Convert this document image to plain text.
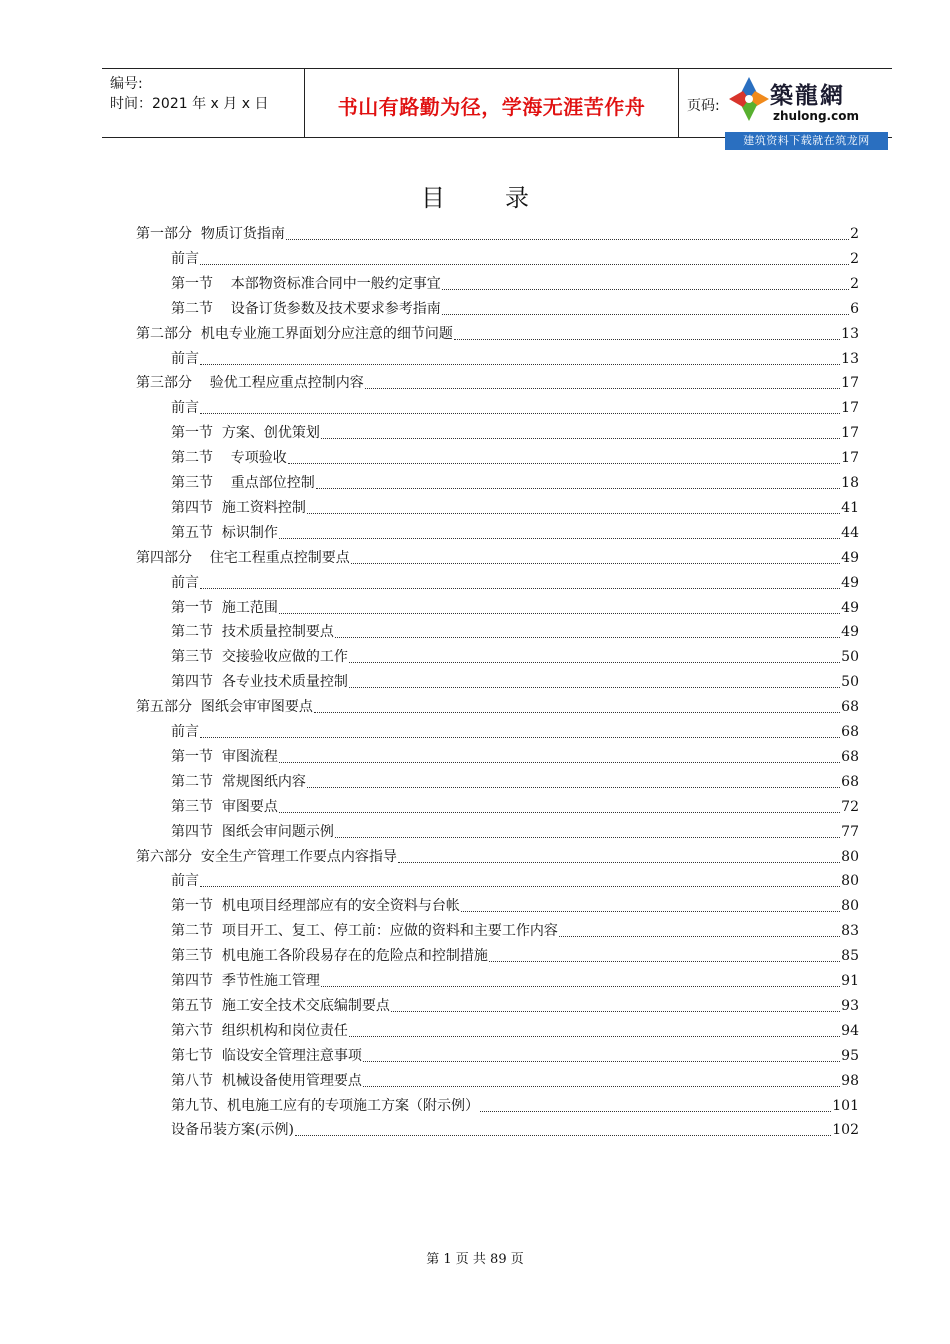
编号:
时间：2021 年 x 月 x 日	书山有路勤为径，学海无涯苦作舟	页码: 築龍網
zhulong.com
建筑资料下载就在筑龙网
目录
第一部分  物质订货指南	2
前言	2
第一节    本部物资标准合同中一般约定事宜	2
第二节    设备订货参数及技术要求参考指南	6
第二部分  机电专业施工界面划分应注意的细节问题	13
前言	13
第三部分    验优工程应重点控制内容	17
前言	17
第一节  方案、创优策划	17
第二节    专项验收	17
第三节    重点部位控制	18
第四节  施工资料控制	41
第五节  标识制作	44
第四部分    住宅工程重点控制要点	49
前言	49
第一节  施工范围	49
第二节  技术质量控制要点	49
第三节  交接验收应做的工作	50
第四节  各专业技术质量控制	50
第五部分  图纸会审审图要点	68
前言	68
第一节  审图流程	68
第二节  常规图纸内容	68
第三节  审图要点	72
第四节  图纸会审问题示例	77
第六部分  安全生产管理工作要点内容指导	80
前言	80
第一节  机电项目经理部应有的安全资料与台帐	80
第二节  项目开工、复工、停工前：应做的资料和主要工作内容	83
第三节  机电施工各阶段易存在的危险点和控制措施	85
第四节  季节性施工管理	91
第五节  施工安全技术交底编制要点	93
第六节  组织机构和岗位责任	94
第七节  临设安全管理注意事项	95
第八节  机械设备使用管理要点	98
第九节、机电施工应有的专项施工方案（附示例）	101
设备吊装方案(示例)	102
第 1 页 共 89 页
